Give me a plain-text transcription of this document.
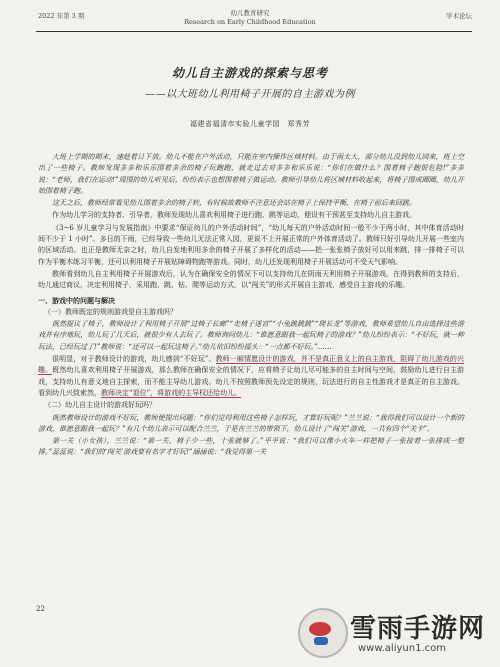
2022 年第 3 期	幼儿教育研究
Research on Early Childhood Education
学术论坛
幼儿自主游戏的探索与思考
——以大班幼儿利用椅子开展的自主游戏为例
福建省福清市实验儿童学园　郑秀芳

大班上学期的期末，速趁着日下放。幼儿不能在户外活动，只能在室内操作区域材料。由于雨太大，部分幼儿没到幼儿园来，班上空出了一些椅子。教师发现多多和乐乐围着多余的椅子玩跑跑，就走过去对多多和乐乐说：“你们在做什么？围着椅子跑很危险!”多多说：“老师，我们在运动!”周围的幼儿听见后，纷纷表示也想围着椅子做运动。教师引导幼儿将区域材料收起来，将椅子围成圈圈，幼儿开始围着椅子跑。

这天之后，教师经常看见幼儿围着多余的椅子转，有时候故教师不注意还会站在椅子上保持平衡，在椅子前后来回跳。

作为幼儿学习的支持者、引导者，教师发现幼儿喜欢利用椅子进行跑、跳等运动，便设有干预甚至支持幼儿自主游戏。

《3~6 岁儿童学习与发展指南》中要求“保证幼儿的户外活动时间”，“幼儿每天的户外活动时间一般不少于两小时，其中体育活动时间不少于 1 小时”。多日的下雨，已经导致一些幼儿无法正常入园，更说不上开展正常的户外体育活动了。教师只好引导幼儿开展一些室内的区域活动。也正是教师无奈之时，幼儿自发地利用多余的椅子开展了多样化的活动——把一张张椅子放好可以用来跳，排一排椅子可以作为平衡木练习平衡，还可以利用椅子开展钻障碍物跑等游戏。同时，幼儿还发现利用椅子开展活动可不受天气影响。

教师看到幼儿自主利用椅子开展游戏后，认为在确保安全的情况下可以支持幼儿在阴雨天利用椅子开展游戏。在得到教师的支持后，幼儿通过商议，决定利用椅子，采用跑、跳、钻、爬等运动方式，以“闯关”的形式开展自主游戏，感受自主游戏的乐趣。

一、游戏中的问题与解决

（一）教师既定的规则游戏是自主游戏吗？

既然提议了椅子，教师设计了利用椅子开展“过椅子长廊”“走椅子迷宫”“小兔跳跳跳”“爬长龙”等游戏，教师希望幼儿自由选择这些游戏并有序地玩，幼儿玩了几天后，就很少有人去玩了。教师询问幼儿：“谁愿意跟我一起玩椅子的游戏？”幼儿纷纷表示：“不好玩，就一种玩法，已经玩过了!”教师说：“还可以一起玩这椅子。”幼儿依旧纷纷摇头：“一点都不好玩。”……

很明显，对于教师设计的游戏，幼儿感到“不好玩”。教师一厢情愿设计的游戏，并不是真正意义上的自主游戏，阻碍了幼儿游戏的兴趣。既然幼儿喜欢利用椅子开展游戏，那么教师在确保安全的情况下，应将椅子让幼儿尽可能多的自主时间与空间，鼓励幼儿进行自主游戏，支持幼儿有意义地自主探索，而不能主导幼儿游戏。幼儿不按照教师预先设定的规则，玩法进行的自主性游戏才是真正的自主游戏。看到幼儿兴致索然，教师决定“退位”，将游戏的主导权还给幼儿。

（二）幼儿自主设计的游戏好玩吗？

既然教师设计的游戏不好玩，教师便提出问题：“你们觉得利用这些椅子怎样玩，才算好玩呢？”兰兰说：“我得我们可以设计一个新的游戏，谁愿意跟我一起玩？”有几个幼儿表示可以配合兰兰，于是在兰兰的带领下，幼儿设计了“闯关”游戏，一共有四个“关卡”。

第一关（小女孩），兰兰说：“第一关，椅子少一些，十张就够了。”平平说：“我们可以像小火车一样把椅子一张接着一张排成一整排。”蕊蕊说：“我们的‘闯关’游戏要有名字才好玩!”涵涵说：“我觉得第一关

22
雪雨手游网
www.aliyun1.com
